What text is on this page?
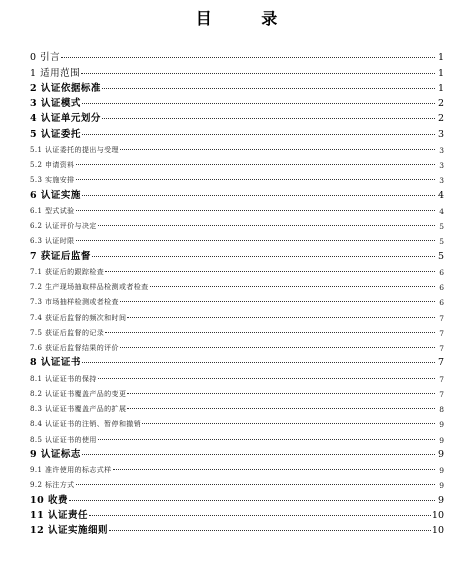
目 录
0 引言	1
1 适用范围	1
2 认证依据标准	1
3 认证模式	2
4 认证单元划分	2
5 认证委托	3
5.1 认证委托的提出与受理	3
5.2 申请资料	3
5.3 实施安排	3
6 认证实施	4
6.1 型式试验	4
6.2 认证评价与决定	5
6.3 认证时限	5
7 获证后监督	5
7.1 获证后的跟踪检查	6
7.2 生产现场抽取样品检测或者检查	6
7.3 市场抽样检测或者检查	6
7.4 获证后监督的频次和时间	7
7.5 获证后监督的记录	7
7.6 获证后监督结果的评价	7
8 认证证书	7
8.1 认证证书的保持	7
8.2 认证证书覆盖产品的变更	7
8.3 认证证书覆盖产品的扩展	8
8.4 认证证书的注销、暂停和撤销	9
8.5 认证证书的使用	9
9 认证标志	9
9.1 准许使用的标志式样	9
9.2 标注方式	9
10 收费	9
11 认证责任	10
12 认证实施细则	10
